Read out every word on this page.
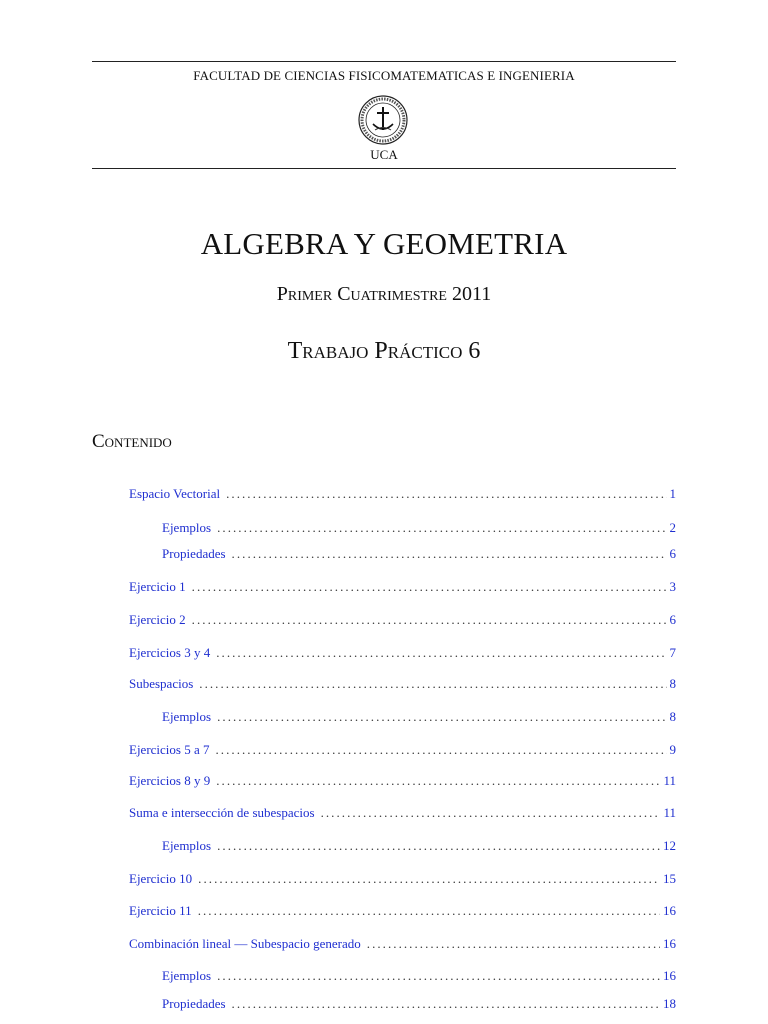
FACULTAD DE CIENCIAS FISICOMATEMATICAS E INGENIERIA
UCA
ALGEBRA Y GEOMETRIA
Primer Cuatrimestre 2011
Trabajo Práctico 6
Contenido
Espacio Vectorial . . .	1
Ejemplos . . .	2
Propiedades . . .	6
Ejercicio 1 . . .	3
Ejercicio 2 . . .	6
Ejercicios 3 y 4 . . .	7
Subespacios . . .	8
Ejemplos . . .	8
Ejercicios 5 a 7 . . .	9
Ejercicios 8 y 9 . . .	11
Suma e intersección de subespacios . . .	11
Ejemplos . . .	12
Ejercicio 10 . . .	15
Ejercicio 11 . . .	16
Combinación lineal — Subespacio generado . . .	16
Ejemplos . . .	16
Propiedades . . .	18
